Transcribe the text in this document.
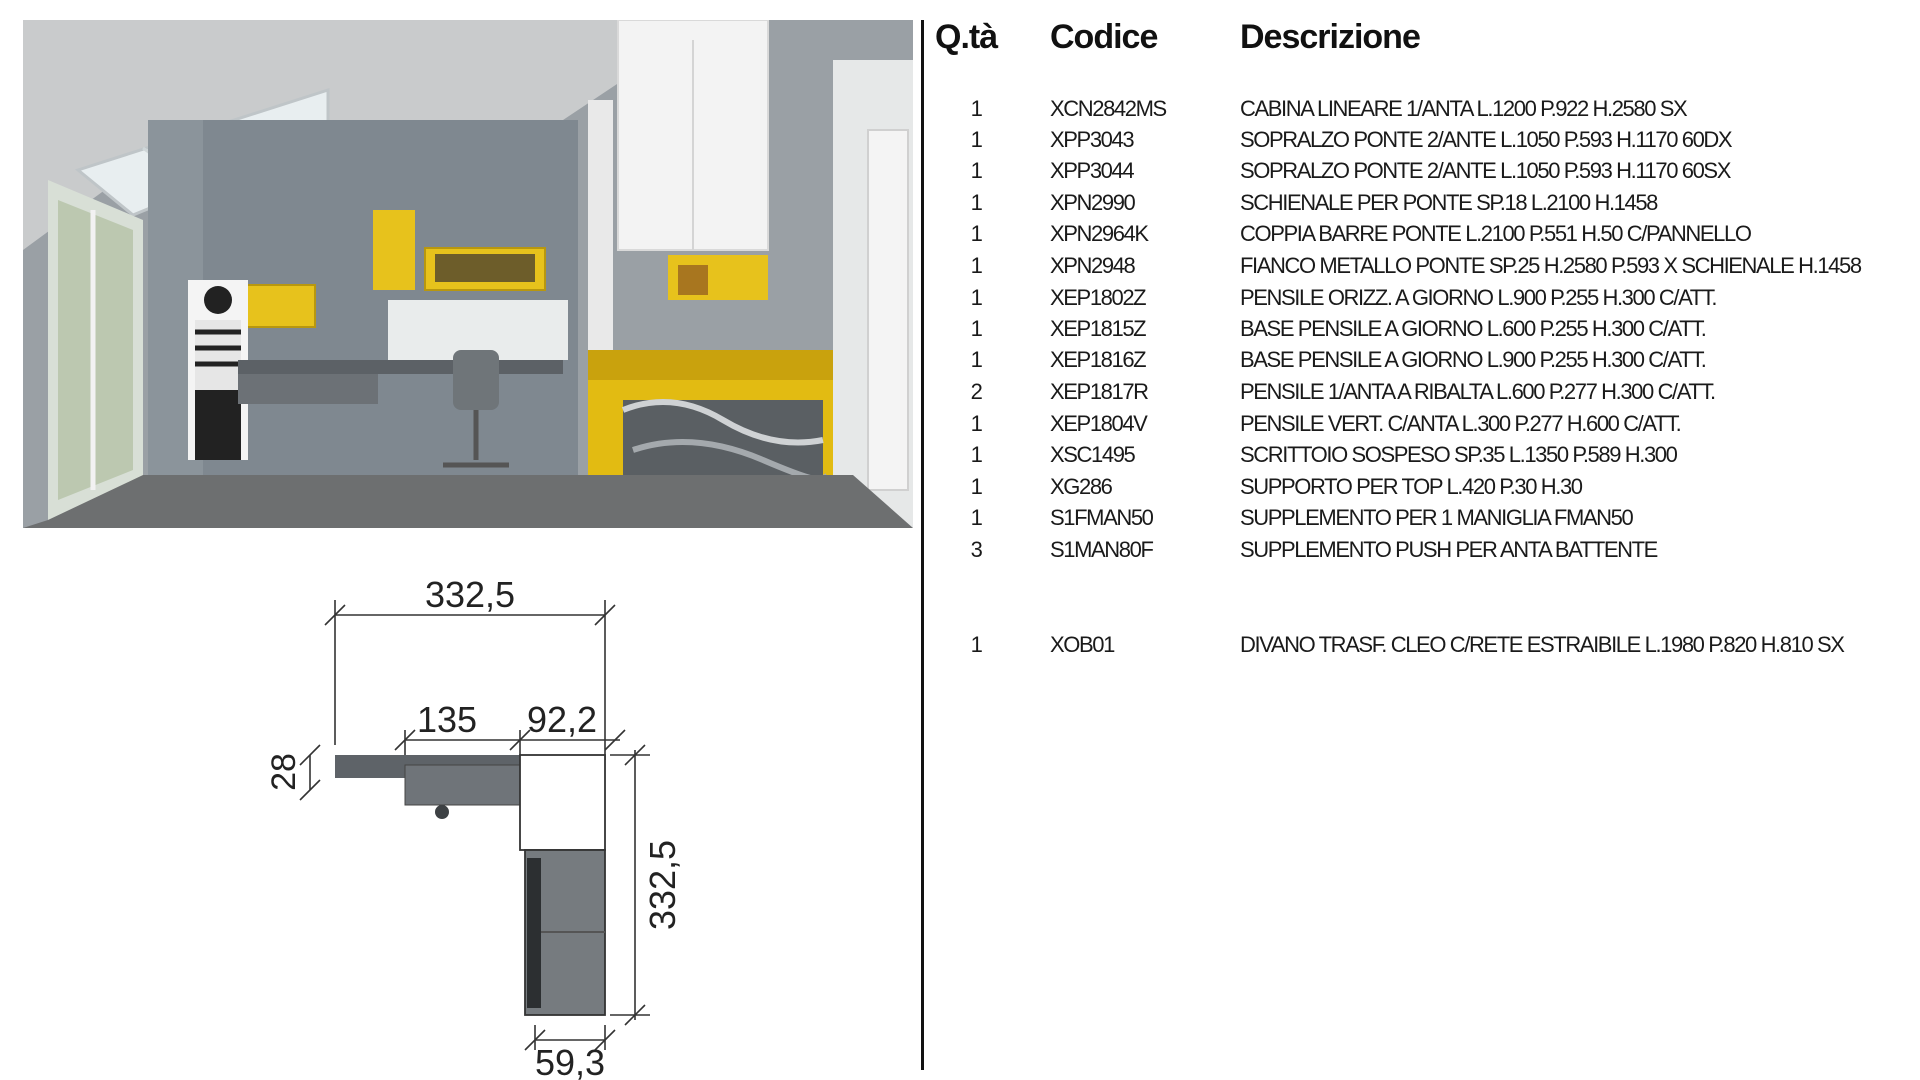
332,5
135 92,2
28
332,5
59,3
Q.tà Codice Descrizione
1	XCN2842MS	CABINA LINEARE 1/ANTA L.1200 P.922 H.2580 SX
1	XPP3043	SOPRALZO PONTE 2/ANTE L.1050 P.593 H.1170 60DX
1	XPP3044	SOPRALZO PONTE 2/ANTE L.1050 P.593 H.1170 60SX
1	XPN2990	SCHIENALE PER PONTE SP.18 L.2100 H.1458
1	XPN2964K	COPPIA BARRE PONTE L.2100 P.551 H.50 C/PANNELLO
1	XPN2948	FIANCO METALLO PONTE SP.25 H.2580 P.593 X SCHIENALE H.1458
1	XEP1802Z	PENSILE ORIZZ. A GIORNO L.900 P.255 H.300 C/ATT.
1	XEP1815Z	BASE PENSILE A GIORNO L.600 P.255 H.300 C/ATT.
1	XEP1816Z	BASE PENSILE A GIORNO L.900 P.255 H.300 C/ATT.
2	XEP1817R	PENSILE 1/ANTA A RIBALTA L.600 P.277 H.300 C/ATT.
1	XEP1804V	PENSILE VERT. C/ANTA L.300 P.277 H.600 C/ATT.
1	XSC1495	SCRITTOIO SOSPESO SP.35 L.1350 P.589 H.300
1	XG286	SUPPORTO PER TOP L.420 P.30 H.30
1	S1FMAN50	SUPPLEMENTO PER 1 MANIGLIA FMAN50
3	S1MAN80F	SUPPLEMENTO PUSH PER ANTA BATTENTE
1	XOB01	DIVANO TRASF. CLEO C/RETE ESTRAIBILE L.1980 P.820 H.810 SX
